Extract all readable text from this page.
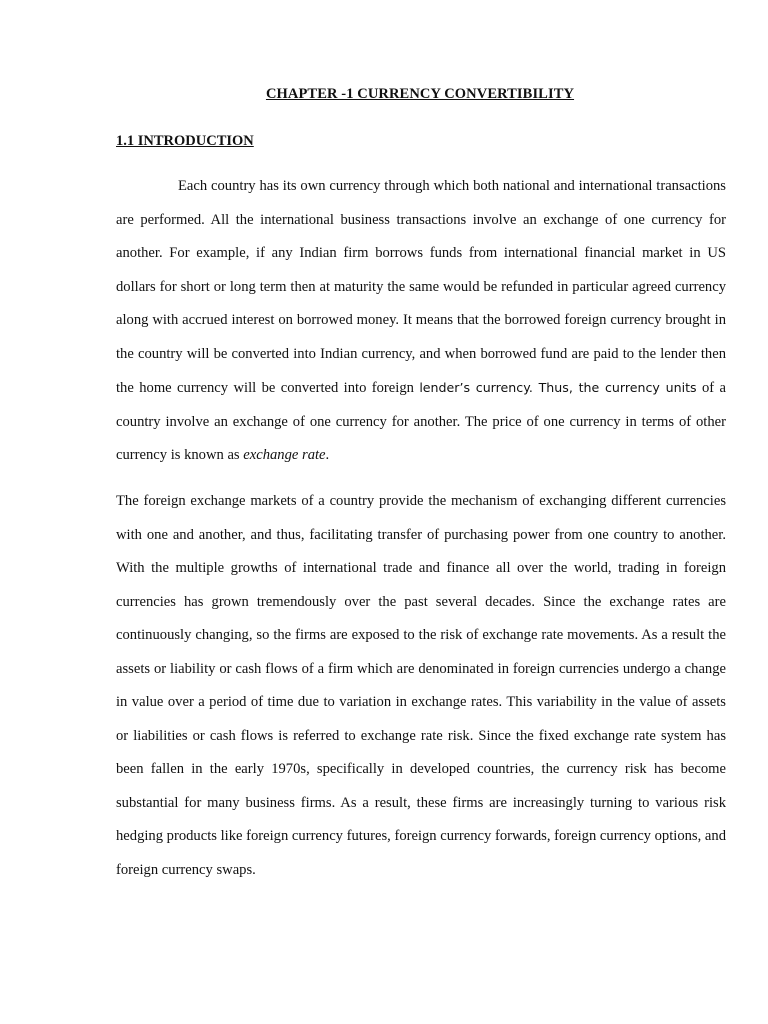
CHAPTER -1 CURRENCY CONVERTIBILITY
1.1 INTRODUCTION

Each country has its own currency through which both national and international transactions are performed. All the international business transactions involve an exchange of one currency for another. For example, if any Indian firm borrows funds from international financial market in US dollars for short or long term then at maturity the same would be refunded in particular agreed currency along with accrued interest on borrowed money. It means that the borrowed foreign currency brought in the country will be converted into Indian currency, and when borrowed fund are paid to the lender then the home currency will be converted into foreign lender’s currency. Thus, the currency units of a country involve an exchange of one currency for another. The price of one currency in terms of other currency is known as exchange rate.

The foreign exchange markets of a country provide the mechanism of exchanging different currencies with one and another, and thus, facilitating transfer of purchasing power from one country to another. With the multiple growths of international trade and finance all over the world, trading in foreign currencies has grown tremendously over the past several decades. Since the exchange rates are continuously changing, so the firms are exposed to the risk of exchange rate movements. As a result the assets or liability or cash flows of a firm which are denominated in foreign currencies undergo a change in value over a period of time due to variation in exchange rates. This variability in the value of assets or liabilities or cash flows is referred to exchange rate risk. Since the fixed exchange rate system has been fallen in the early 1970s, specifically in developed countries, the currency risk has become substantial for many business firms. As a result, these firms are increasingly turning to various risk hedging products like foreign currency futures, foreign currency forwards, foreign currency options, and foreign currency swaps.
